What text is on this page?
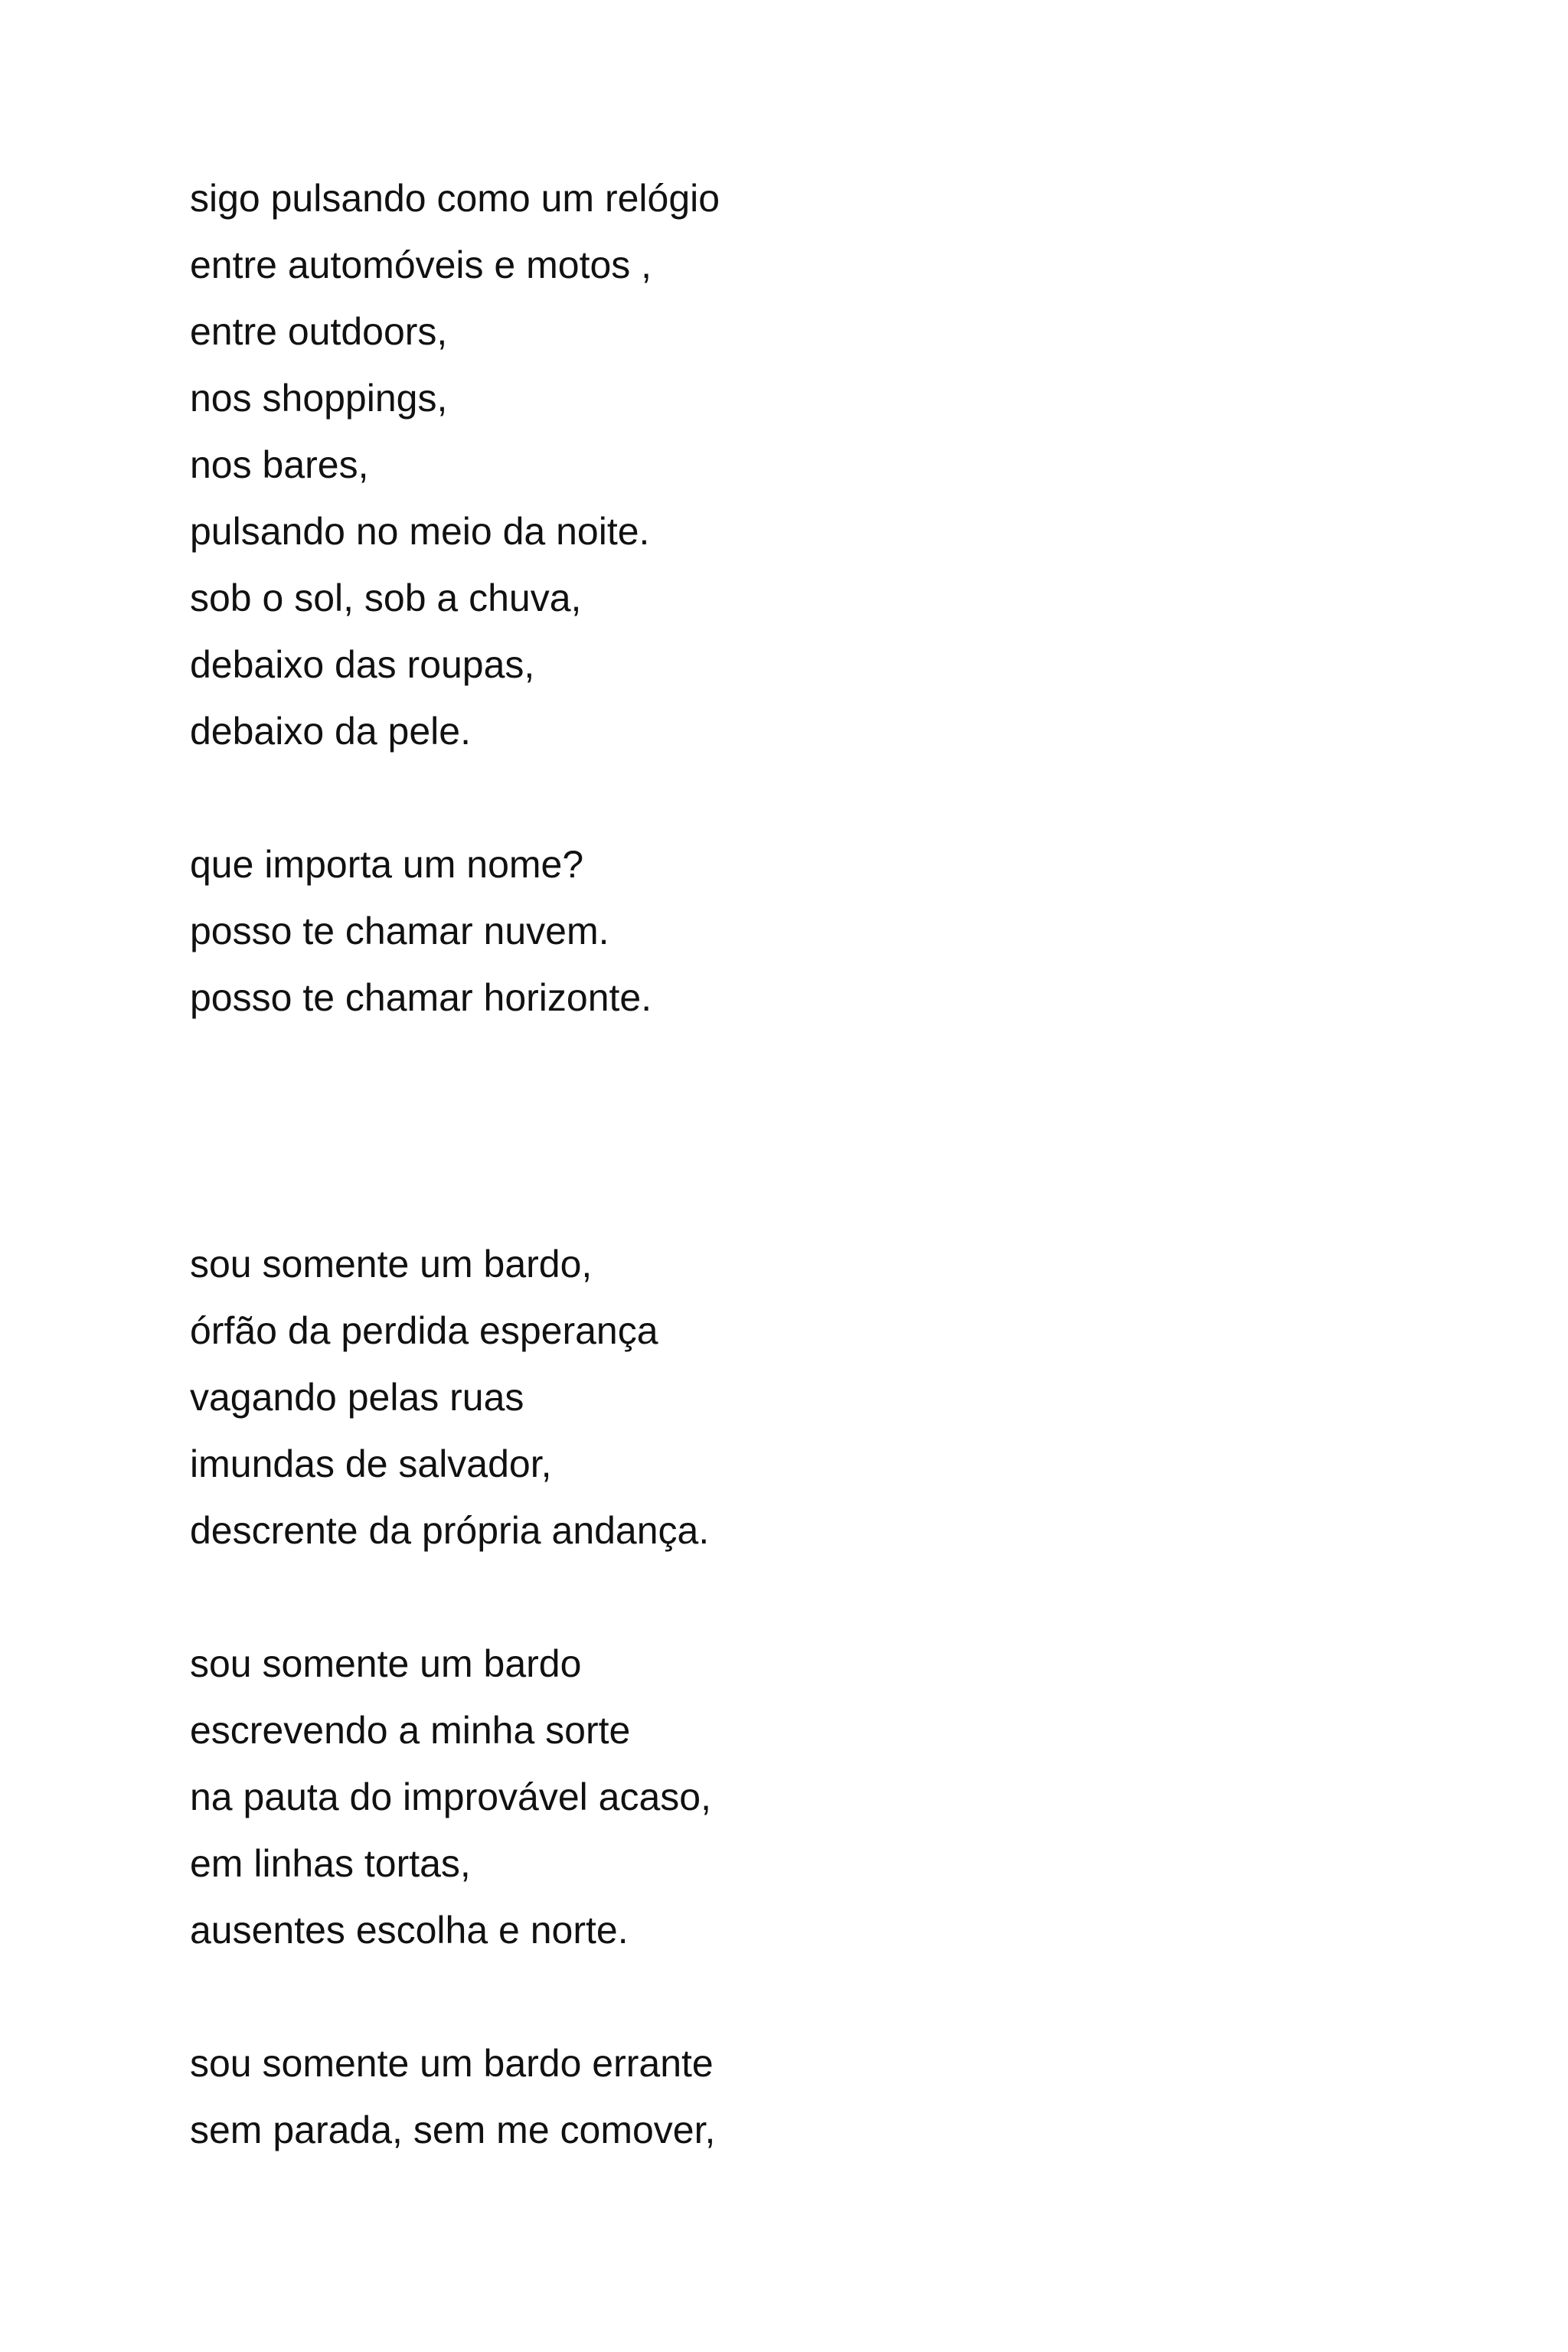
sigo pulsando como um relógio
entre automóveis e motos ,
entre outdoors,
nos shoppings,
nos bares,
pulsando no meio da noite.
sob o sol, sob a chuva,
debaixo das roupas,
debaixo da pele.
que importa um nome?
posso te chamar nuvem.
posso te chamar horizonte.
sou somente um bardo,
órfão da perdida esperança
vagando pelas ruas
imundas de salvador,
descrente da própria andança.
sou somente um bardo
escrevendo a minha sorte
na pauta do improvável acaso,
em linhas tortas,
ausentes escolha e norte.
sou somente um bardo errante
sem parada, sem me comover,
